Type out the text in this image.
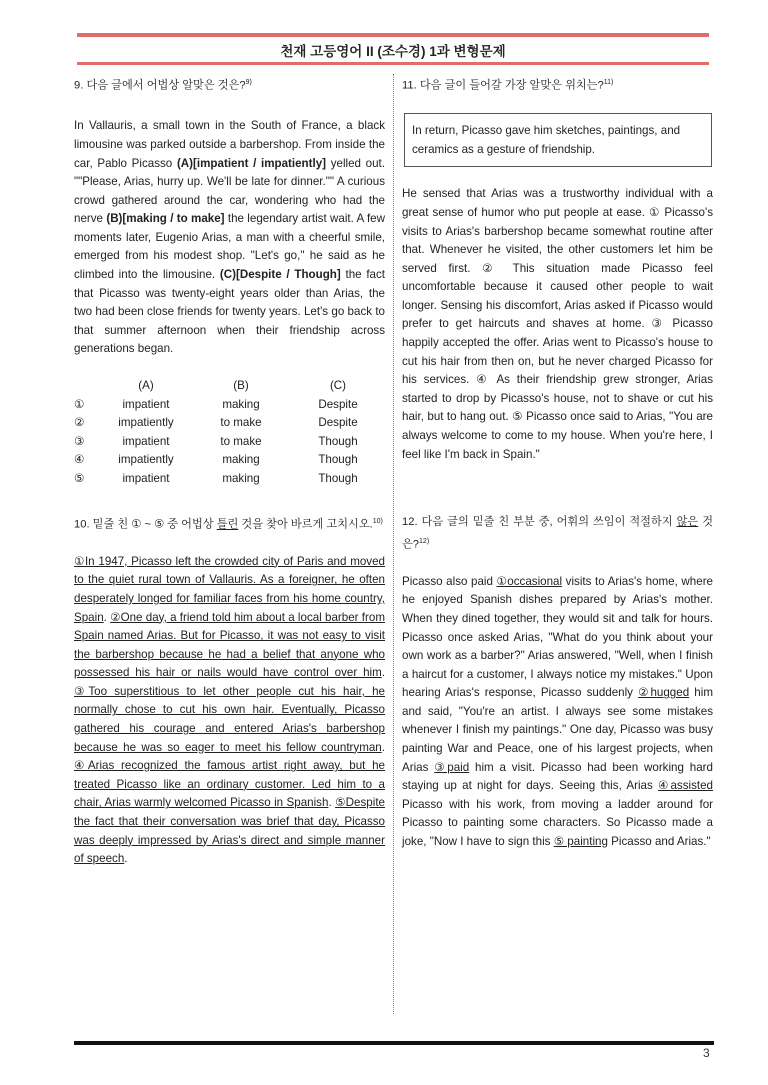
천재 고등영어 II (조수경) 1과 변형문제
9. 다음 글에서 어법상 알맞은 것은?$^{9)}$

In Vallauris, a small town in the South of France, a black limousine was parked outside a barbershop. From inside the car, Pablo Picasso (A)[impatient / impatiently] yelled out. ""Please, Arias, hurry up. We'll be late for dinner."" A curious crowd gathered around the car, wondering who had the nerve (B)[making / to make] the legendary artist wait. A few moments later, Eugenio Arias, a man with a cheerful smile, emerged from his modest shop. "Let's go," he said as he climbed into the limousine. (C)[Despite / Though] the fact that Picasso was twenty-eight years older than Arias, the two had been close friends for twenty years. Let's go back to that summer afternoon when their friendship across generations began.

	(A)	(B)	(C)
①	impatient	making	Despite
②	impatiently	to make	Despite
③	impatient	to make	Though
④	impatiently	making	Though
⑤	impatient	making	Though

10. 밑줄 친 ① ~ ⑤ 중 어법상 틀린 것을 찾아 바르게 고치시오.$^{10)}$

①In 1947, Picasso left the crowded city of Paris and moved to the quiet rural town of Vallauris. As a foreigner, he often desperately longed for familiar faces from his home country, Spain. ②One day, a friend told him about a local barber from Spain named Arias. But for Picasso, it was not easy to visit the barbershop because he had a belief that anyone who possessed his hair or nails would have control over him. ③Too superstitious to let other people cut his hair, he normally chose to cut his own hair. Eventually, Picasso gathered his courage and entered Arias's barbershop because he was so eager to meet his fellow countryman. ④Arias recognized the famous artist right away, but he treated Picasso like an ordinary customer. Led him to a chair, Arias warmly welcomed Picasso in Spanish. ⑤Despite the fact that their conversation was brief that day, Picasso was deeply impressed by Arias's direct and simple manner of speech.

11. 다음 글이 들어갈 가장 알맞은 위치는?$^{11)}$
In return, Picasso gave him sketches, paintings, and ceramics as a gesture of friendship.

He sensed that Arias was a trustworthy individual with a great sense of humor who put people at ease. ① Picasso's visits to Arias's barbershop became somewhat routine after that. Whenever he visited, the other customers let him be served first. ② This situation made Picasso feel uncomfortable because it caused other people to wait longer. Sensing his discomfort, Arias asked if Picasso would prefer to get haircuts and shaves at home. ③ Picasso happily accepted the offer. Arias went to Picasso's house to cut his hair from then on, but he never charged Picasso for his services. ④ As their friendship grew stronger, Arias started to drop by Picasso's house, not to shave or cut his hair, but to hang out. ⑤ Picasso once said to Arias, "You are always welcome to come to my house. When you're here, I feel like I'm back in Spain."

12. 다음 글의 밑줄 친 부분 중, 어휘의 쓰임이 적절하지 않은 것은?$^{12)}$

Picasso also paid ①occasional visits to Arias's home, where he enjoyed Spanish dishes prepared by Arias's mother. When they dined together, they would sit and talk for hours. Picasso once asked Arias, "What do you think about your own work as a barber?" Arias answered, "Well, when I finish a haircut for a customer, I always notice my mistakes." Upon hearing Arias's response, Picasso suddenly ②hugged him and said, "You're an artist. I always see some mistakes whenever I finish my paintings." One day, Picasso was busy painting War and Peace, one of his largest projects, when Arias ③paid him a visit. Picasso had been working hard staying up at night for days. Seeing this, Arias ④assisted Picasso with his work, from moving a ladder around for Picasso to painting some characters. So Picasso made a joke, "Now I have to sign this ⑤ painting Picasso and Arias."

3
